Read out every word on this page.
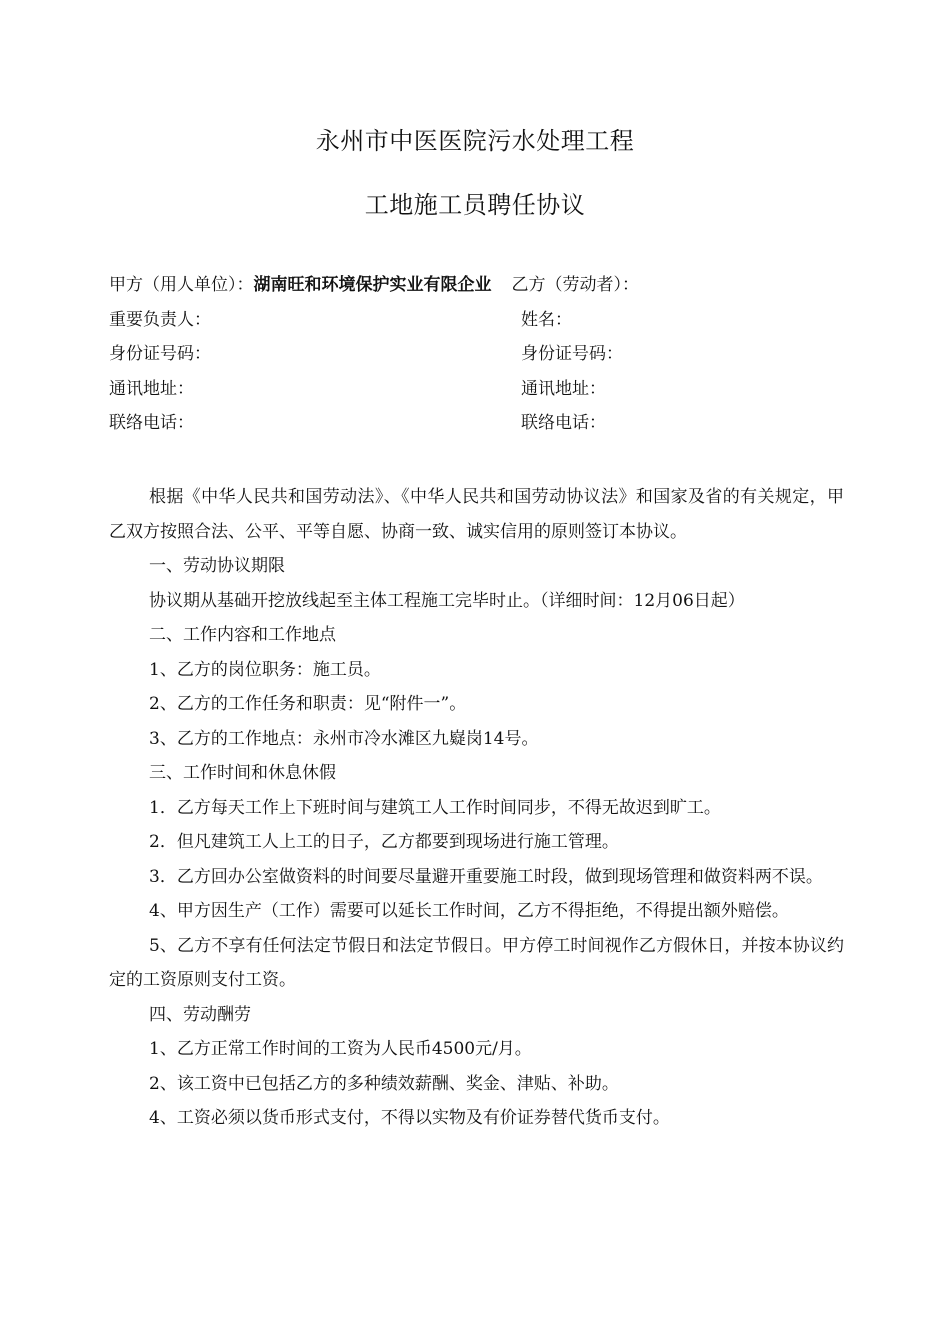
永州市中医医院污水处理工程
工地施工员聘任协议
甲方（用人单位）：湖南旺和环境保护实业有限企业 乙方（劳动者）：
重要负责人：
身份证号码：
通讯地址：
联络电话：
姓名：
身份证号码：
通讯地址：
联络电话：

根据《中华人民共和国劳动法》、《中华人民共和国劳动协议法》和国家及省的有关规定，甲乙双方按照合法、公平、平等自愿、协商一致、诚实信用的原则签订本协议。

一、劳动协议期限

协议期从基础开挖放线起至主体工程施工完毕时止。（详细时间：12月06日起）

二、工作内容和工作地点

1、乙方的岗位职务：施工员。

2、乙方的工作任务和职责：见“附件一”。

3、乙方的工作地点：永州市冷水滩区九嶷岗14号。

三、工作时间和休息休假

1．乙方每天工作上下班时间与建筑工人工作时间同步，不得无故迟到旷工。

2．但凡建筑工人上工的日子，乙方都要到现场进行施工管理。

3．乙方回办公室做资料的时间要尽量避开重要施工时段，做到现场管理和做资料两不误。

4、甲方因生产（工作）需要可以延长工作时间，乙方不得拒绝，不得提出额外赔偿。

5、乙方不享有任何法定节假日和法定节假日。甲方停工时间视作乙方假休日，并按本协议约定的工资原则支付工资。

四、劳动酬劳

1、乙方正常工作时间的工资为人民币4500元/月。

2、该工资中已包括乙方的多种绩效薪酬、奖金、津贴、补助。

4、工资必须以货币形式支付，不得以实物及有价证券替代货币支付。
